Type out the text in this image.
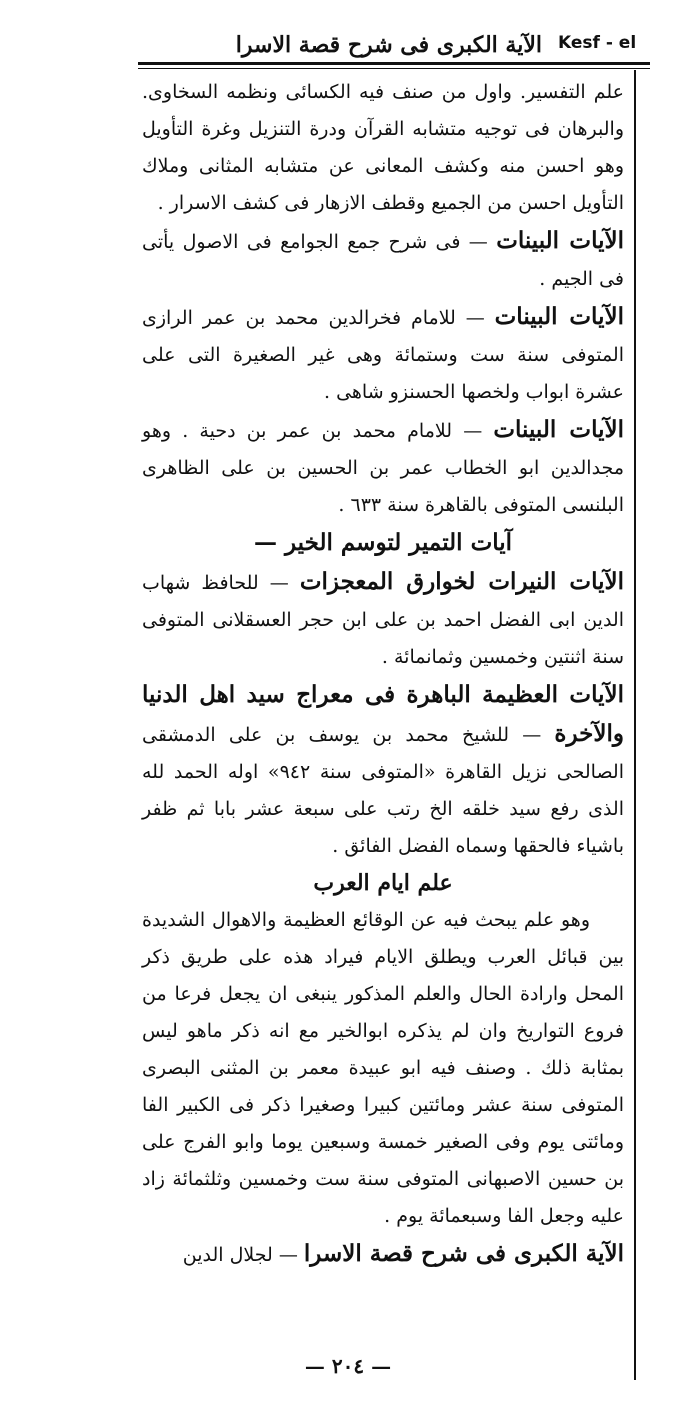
الآية الكبرى فى شرح قصة الاسرا Kesf - el

علم التفسير. واول من صنف فيه الكسائى ونظمه السخاوى. والبرهان فى توجيه متشابه القرآن ودرة التنزيل وغرة التأويل وهو احسن منه وكشف المعانى عن متشابه المثانى وملاك التأويل احسن من الجميع وقطف الازهار فى كشف الاسرار .

الآيات البينات — فى شرح جمع الجوامع فى الاصول يأتى فى الجيم .

الآيات البينات — للامام فخرالدين محمد بن عمر الرازى المتوفى سنة ست وستمائة وهى غير الصغيرة التى على عشرة ابواب ولخصها الحسنزو شاهى .

الآيات البينات — للامام محمد بن عمر بن دحية . وهو مجدالدين ابو الخطاب عمر بن الحسين بن على الظاهرى البلنسى المتوفى بالقاهرة سنة ٦٣٣ .

آيات التمير لتوسم الخير —

الآيات النيرات لخوارق المعجزات — للحافظ شهاب الدين ابى الفضل احمد بن على ابن حجر العسقلانى المتوفى سنة اثنتين وخمسين وثمانمائة .

الآيات العظيمة الباهرة فى معراج سيد اهل الدنيا والآخرة — للشيخ محمد بن يوسف بن على الدمشقى الصالحى نزيل القاهرة «المتوفى سنة ٩٤٢» اوله الحمد لله الذى رفع سيد خلقه الخ رتب على سبعة عشر بابا ثم ظفر باشياء فالحقها وسماه الفضل الفائق .

علم ايام العرب

وهو علم يبحث فيه عن الوقائع العظيمة والاهوال الشديدة بين قبائل العرب ويطلق الايام فيراد هذه على طريق ذكر المحل وارادة الحال والعلم المذكور ينبغى ان يجعل فرعا من فروع التواريخ وان لم يذكره ابوالخير مع انه ذكر ماهو ليس بمثابة ذلك . وصنف فيه ابو عبيدة معمر بن المثنى البصرى المتوفى سنة عشر ومائتين كبيرا وصغيرا ذكر فى الكبير الفا ومائتى يوم وفى الصغير خمسة وسبعين يوما وابو الفرج على بن حسين الاصبهانى المتوفى سنة ست وخمسين وثلثمائة زاد عليه وجعل الفا وسبعمائة يوم .

الآية الكبرى فى شرح قصة الاسرا — لجلال الدين

— ٢٠٤ —
